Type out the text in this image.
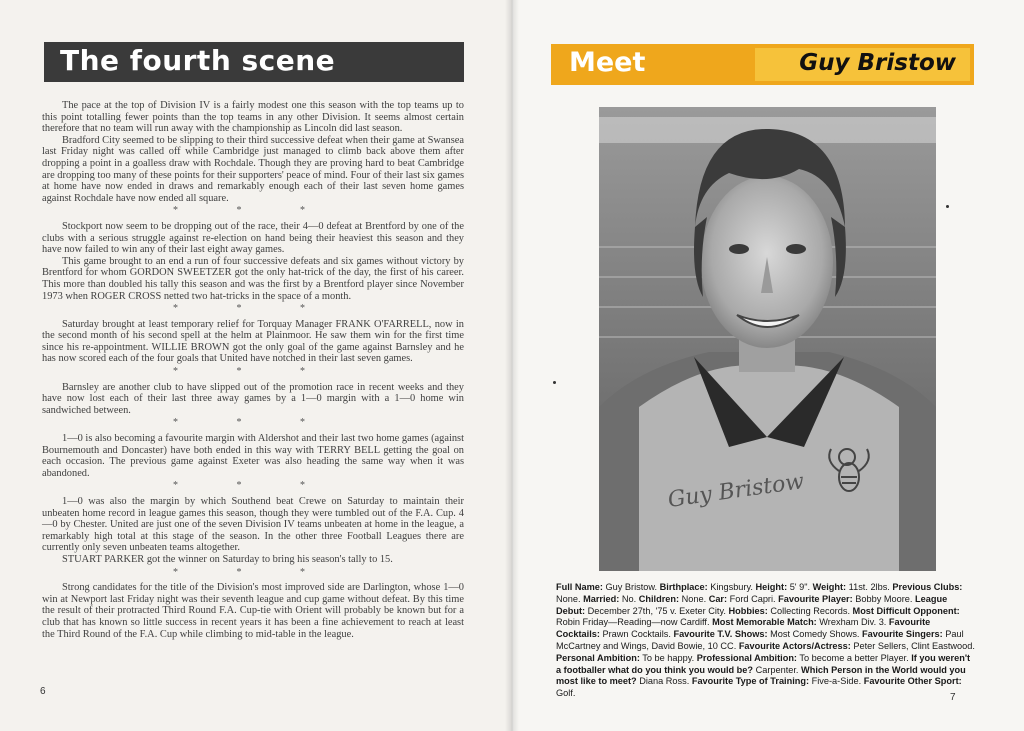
The fourth scene

The pace at the top of Division IV is a fairly modest one this season with the top teams up to this point totalling fewer points than the top teams in any other Division. It seems almost certain therefore that no team will run away with the championship as Lincoln did last season.

Bradford City seemed to be slipping to their third successive defeat when their game at Swansea last Friday night was called off while Cambridge just managed to climb back above them after dropping a point in a goalless draw with Rochdale. Though they are proving hard to beat Cambridge are dropping too many of these points for their supporters' peace of mind. Four of their last six games at home have now ended in draws and remarkably enough each of their last seven home games against Rochdale have now ended all square.

* * *

Stockport now seem to be dropping out of the race, their 4—0 defeat at Brentford by one of the clubs with a serious struggle against re-election on hand being their heaviest this season and they have now failed to win any of their last eight away games.

This game brought to an end a run of four successive defeats and six games without victory by Brentford for whom GORDON SWEETZER got the only hat-trick of the day, the first of his career. This more than doubled his tally this season and was the first by a Brentford player since November 1973 when ROGER CROSS netted two hat-tricks in the space of a month.

* * *

Saturday brought at least temporary relief for Torquay Manager FRANK O'FARRELL, now in the second month of his second spell at the helm at Plainmoor. He saw them win for the first time since his re-appointment. WILLIE BROWN got the only goal of the game against Barnsley and he has now scored each of the four goals that United have notched in their last seven games.

* * *

Barnsley are another club to have slipped out of the promotion race in recent weeks and they have now lost each of their last three away games by a 1—0 margin with a 1—0 home win sandwiched between.

* * *

1—0 is also becoming a favourite margin with Aldershot and their last two home games (against Bournemouth and Doncaster) have both ended in this way with TERRY BELL getting the goal on each occasion. The previous game against Exeter was also heading the same way when it was abandoned.

* * *

1—0 was also the margin by which Southend beat Crewe on Saturday to maintain their unbeaten home record in league games this season, though they were tumbled out of the F.A. Cup. 4—0 by Chester. United are just one of the seven Division IV teams unbeaten at home in the league, a remarkably high total at this stage of the season. In the other three Football Leagues there are currently only seven unbeaten teams altogether.

STUART PARKER got the winner on Saturday to bring his season's tally to 15.

* * *

Strong candidates for the title of the Division's most improved side are Darlington, whose 1—0 win at Newport last Friday night was their seventh league and cup game without defeat. By this time the result of their protracted Third Round F.A. Cup-tie with Orient will probably be known but for a club that has known so little success in recent years it has been a fine achievement to reach at least the Third Round of the F.A. Cup while climbing to mid-table in the league.

6
Meet	Guy Bristow
Guy Bristow
Full Name: Guy Bristow. Birthplace: Kingsbury. Height: 5' 9". Weight: 11st. 2lbs. Previous Clubs: None. Married: No. Children: None. Car: Ford Capri. Favourite Player: Bobby Moore. League Debut: December 27th, '75 v. Exeter City. Hobbies: Collecting Records. Most Difficult Opponent: Robin Friday—Reading—now Cardiff. Most Memorable Match: Wrexham Div. 3. Favourite Cocktails: Prawn Cocktails. Favourite T.V. Shows: Most Comedy Shows. Favourite Singers: Paul McCartney and Wings, David Bowie, 10 CC. Favourite Actors/Actress: Peter Sellers, Clint Eastwood. Personal Ambition: To be happy. Professional Ambition: To become a better Player. If you weren't a footballer what do you think you would be? Carpenter. Which Person in the World would you most like to meet? Diana Ross. Favourite Type of Training: Five-a-Side. Favourite Other Sport: Golf.	7
